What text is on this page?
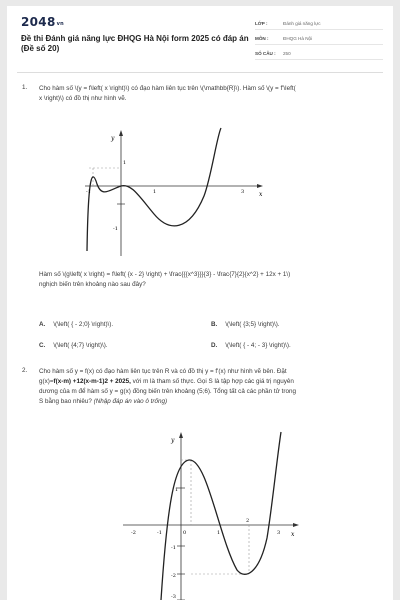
2048vn
Đề thi Đánh giá năng lực ĐHQG Hà Nội form 2025 có đáp án (Đề số 20)
LỚP :	Đánh giá năng lực
MÔN :	ĐHQG Hà Nội
SỐ CÂU :	250
1. Cho hàm số \(y = f\left( x \right)\) có đạo hàm liên tục trên \(\mathbb{R}\). Hàm số \(y = f'\left(
x \right)\) có đồ thị như hình vẽ.
y
x
1
-1	1	3
-1
Hàm số \(g\left( x \right) = f\left( {x - 2} \right) + \frac{{{x^3}}}{3} - \frac{7}{2}{x^2} + 12x + 1\)
nghịch biến trên khoảng nào sau đây?
A. \(\left( { - 2;0} \right)\).	B. \(\left( {3;5} \right)\).
C. \(\left( {4;7} \right)\).	D. \(\left( { - 4; - 3} \right)\).
2. Cho hàm số y = f(x) có đạo hàm liên tục trên R và có đồ thị y = f'(x) như hình vẽ bên. Đặt
g(x)=f(x-m) +12(x-m-1)2 + 2025, với m là tham số thực. Gọi S là tập hợp các giá trị nguyên
dương của m để hàm số y = g(x) đồng biến trên khoảng (5;6). Tổng tất cả các phần tử trong
S bằng bao nhiêu? (Nhập đáp án vào ô trống)
y
x
-2	-1	0	1
2
3
1
-1
-2
-3
